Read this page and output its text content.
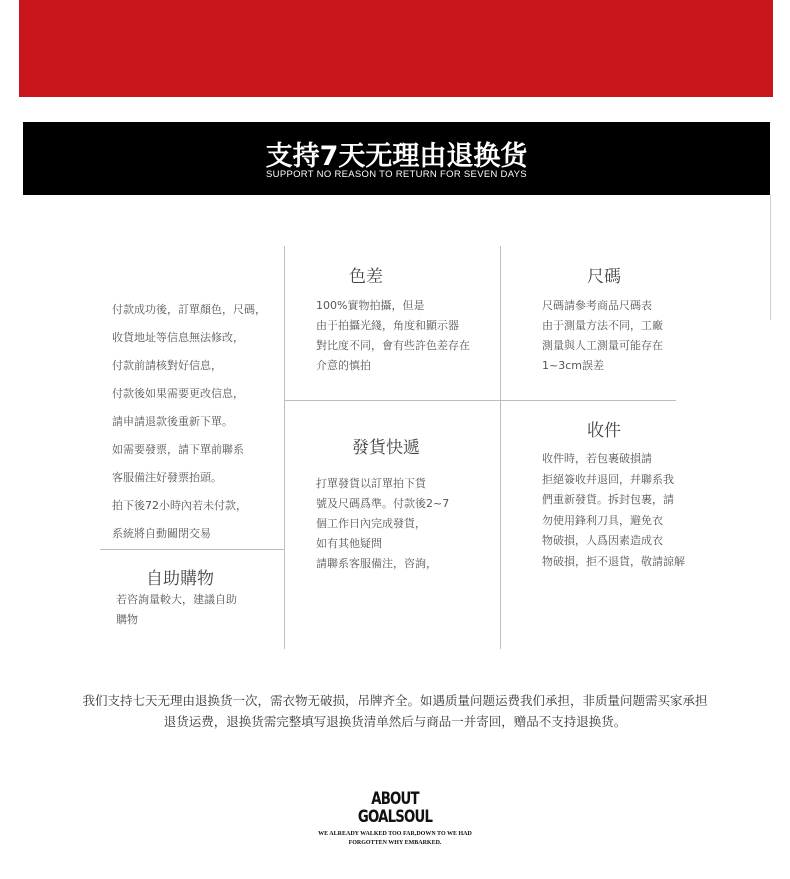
支持7天无理由退换货
SUPPORT NO REASON TO RETURN FOR SEVEN DAYS
付款成功後，訂單顏色，尺碼，
收貨地址等信息無法修改，
付款前請核對好信息，
付款後如果需要更改信息，
請申請退款後重新下單。
如需要發票，請下單前聯系
客服備注好發票抬頭。
拍下後72小時內若未付款，
系統將自動關閉交易
色差
100%實物拍攝，但是
由于拍攝光綫，角度和顯示器
對比度不同，會有些許色差存在
介意的慎拍
尺碼
尺碼請參考商品尺碼表
由于測量方法不同，工廠
測量與人工測量可能存在
1~3cm誤差
發貨快遞
打單發貨以訂單拍下貨
號及尺碼爲準。付款後2~7
個工作日內完成發貨，
如有其他疑問
請聯系客服備注，咨詢，
收件
收件時，若包裹破損請
拒絕簽收幷退回，幷聯系我
們重新發貨。拆封包裹，請
勿使用鋒利刀具，避免衣
物破損，人爲因素造成衣
物破損，拒不退貨，敬請諒解
自助購物
若咨詢量較大，建議自助
購物
我们支持七天无理由退换货一次，需衣物无破损，吊牌齐全。如遇质量问题运费我们承担，非质量问题需买家承担
退货运费，退换货需完整填写退换货清单然后与商品一并寄回，赠品不支持退换货。
ABOUT
GOALSOUL
WE ALREADY WALKED TOO FAR,DOWN TO WE HAD
FORGOTTEN WHY EMBARKED.
